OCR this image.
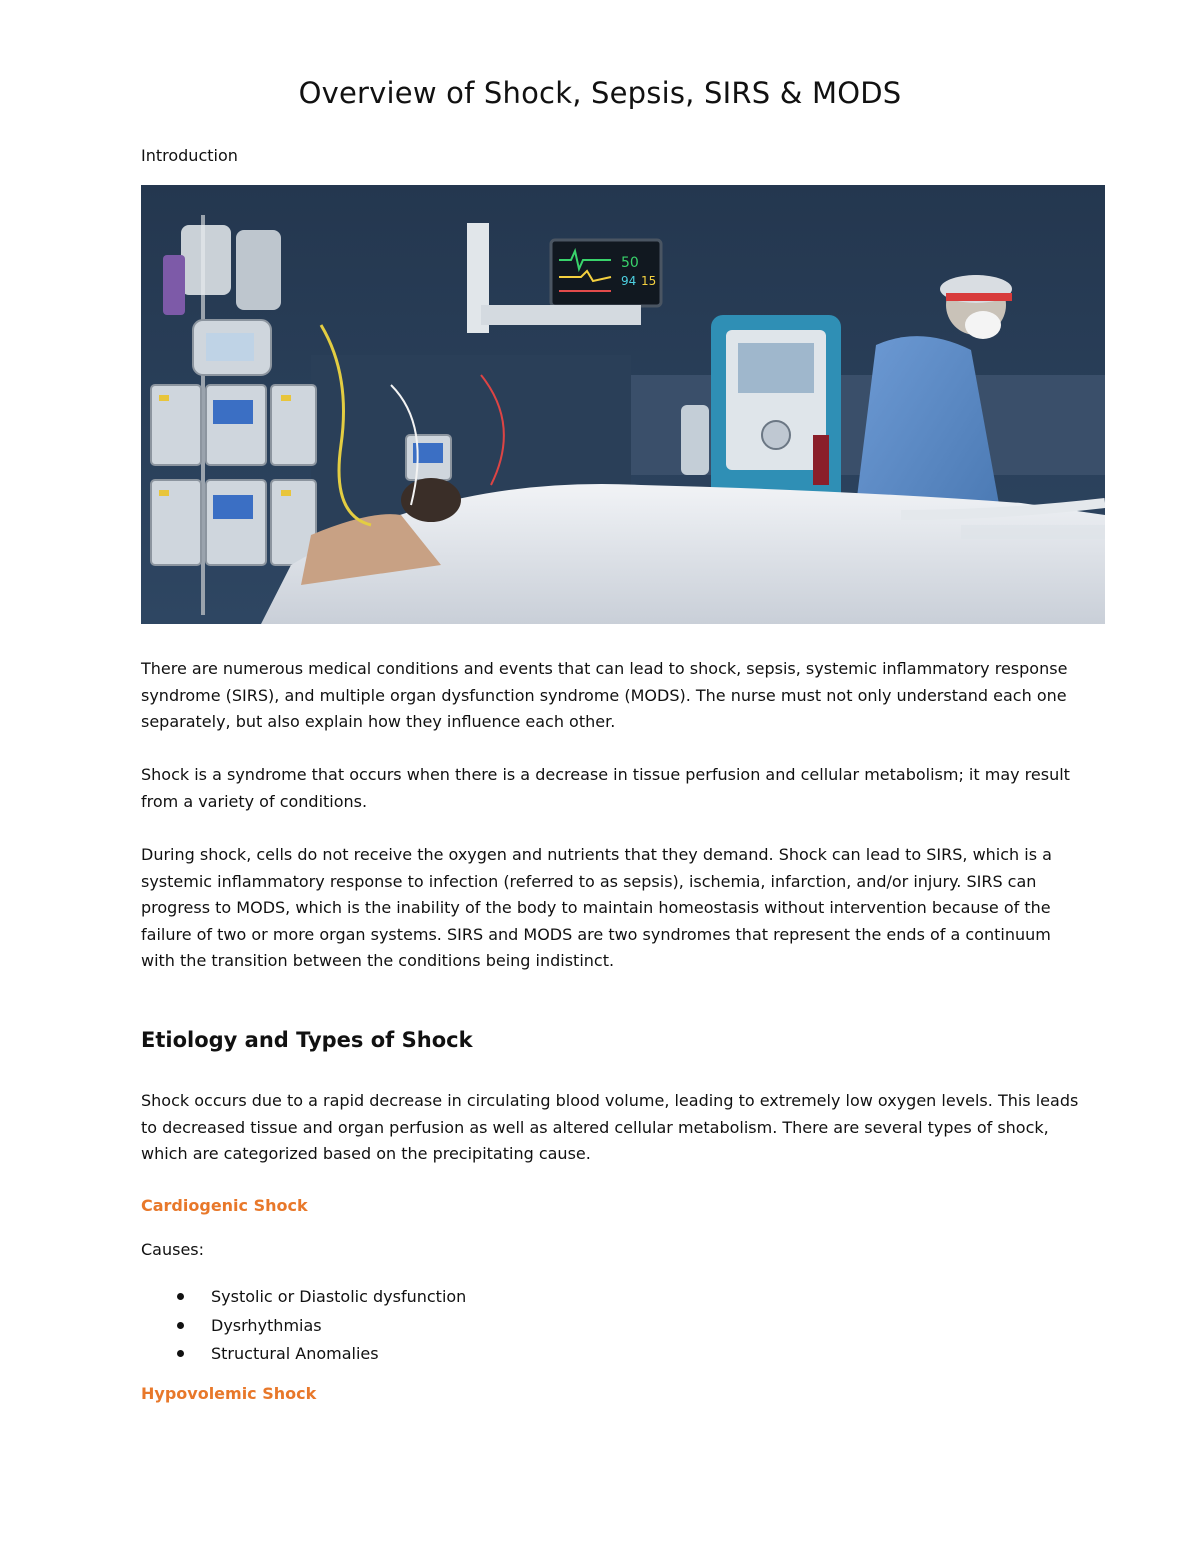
Overview of Shock, Sepsis, SIRS & MODS
Introduction
50
94 15
There are numerous medical conditions and events that can lead to shock, sepsis, systemic inflammatory response syndrome (SIRS), and multiple organ dysfunction syndrome (MODS). The nurse must not only understand each one separately, but also explain how they influence each other.
Shock is a syndrome that occurs when there is a decrease in tissue perfusion and cellular metabolism; it may result from a variety of conditions.
During shock, cells do not receive the oxygen and nutrients that they demand. Shock can lead to SIRS, which is a systemic inflammatory response to infection (referred to as sepsis), ischemia, infarction, and/or injury. SIRS can progress to MODS, which is the inability of the body to maintain homeostasis without intervention because of the failure of two or more organ systems. SIRS and MODS are two syndromes that represent the ends of a continuum with the transition between the conditions being indistinct.
Etiology and Types of Shock
Shock occurs due to a rapid decrease in circulating blood volume, leading to extremely low oxygen levels. This leads to decreased tissue and organ perfusion as well as altered cellular metabolism. There are several types of shock, which are categorized based on the precipitating cause.
Cardiogenic Shock
Causes:
Systolic or Diastolic dysfunction
Dysrhythmias
Structural Anomalies
Hypovolemic Shock
